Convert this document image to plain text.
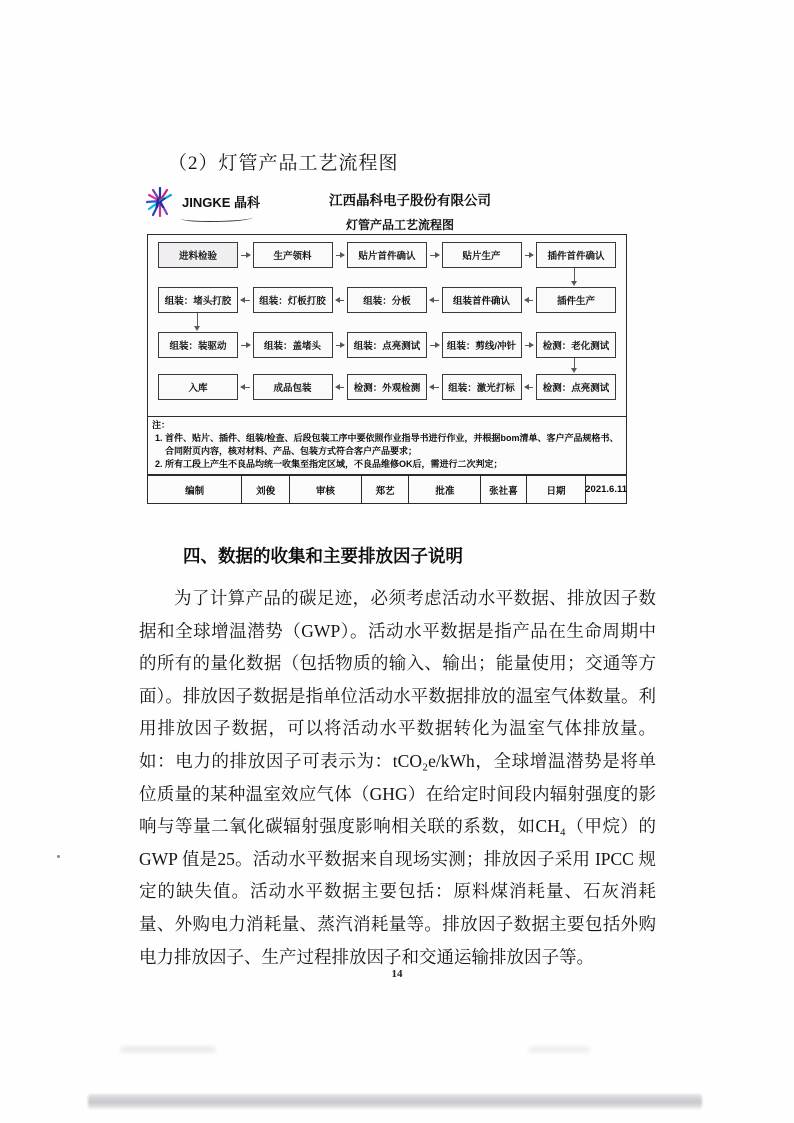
（2）灯管产品工艺流程图
K JINGKE 晶科	江西晶科电子股份有限公司
灯管产品工艺流程图
进料检验	生产领料	贴片首件确认	贴片生产	插件首件确认
组装：堵头打胶	组装：灯板打胶	组装：分板	组装首件确认	插件生产
组装：装驱动	组装：盖堵头	组装：点亮测试	组装：剪线/冲针	检测：老化测试
入库	成品包装	检测：外观检测	组装：激光打标	检测：点亮测试
注：
1. 首件、贴片、插件、组装/检查、后段包装工序中要依照作业指导书进行作业，并根据bom清单、客户产品规格书、合同附页内容，核对材料、产品、包装方式符合客户产品要求；
2. 所有工段上产生不良品均统一收集至指定区域，不良品维修OK后，需进行二次判定；
编制	刘俊	审核	郑艺	批准	张社喜	日期	2021.6.11
四、数据的收集和主要排放因子说明

为了计算产品的碳足迹，必须考虑活动水平数据、排放因子数据和全球增温潜势（GWP）。活动水平数据是指产品在生命周期中的所有的量化数据（包括物质的输入、输出；能量使用；交通等方面）。排放因子数据是指单位活动水平数据排放的温室气体数量。利用排放因子数据，可以将活动水平数据转化为温室气体排放量。如：电力的排放因子可表示为：tCO₂e/kWh，全球增温潜势是将单位质量的某种温室效应气体（GHG）在给定时间段内辐射强度的影响与等量二氧化碳辐射强度影响相关联的系数，如CH₄（甲烷）的 GWP 值是25。活动水平数据来自现场实测；排放因子采用 IPCC 规定的缺失值。活动水平数据主要包括：原料煤消耗量、石灰消耗量、外购电力消耗量、蒸汽消耗量等。排放因子数据主要包括外购电力排放因子、生产过程排放因子和交通运输排放因子等。

14
